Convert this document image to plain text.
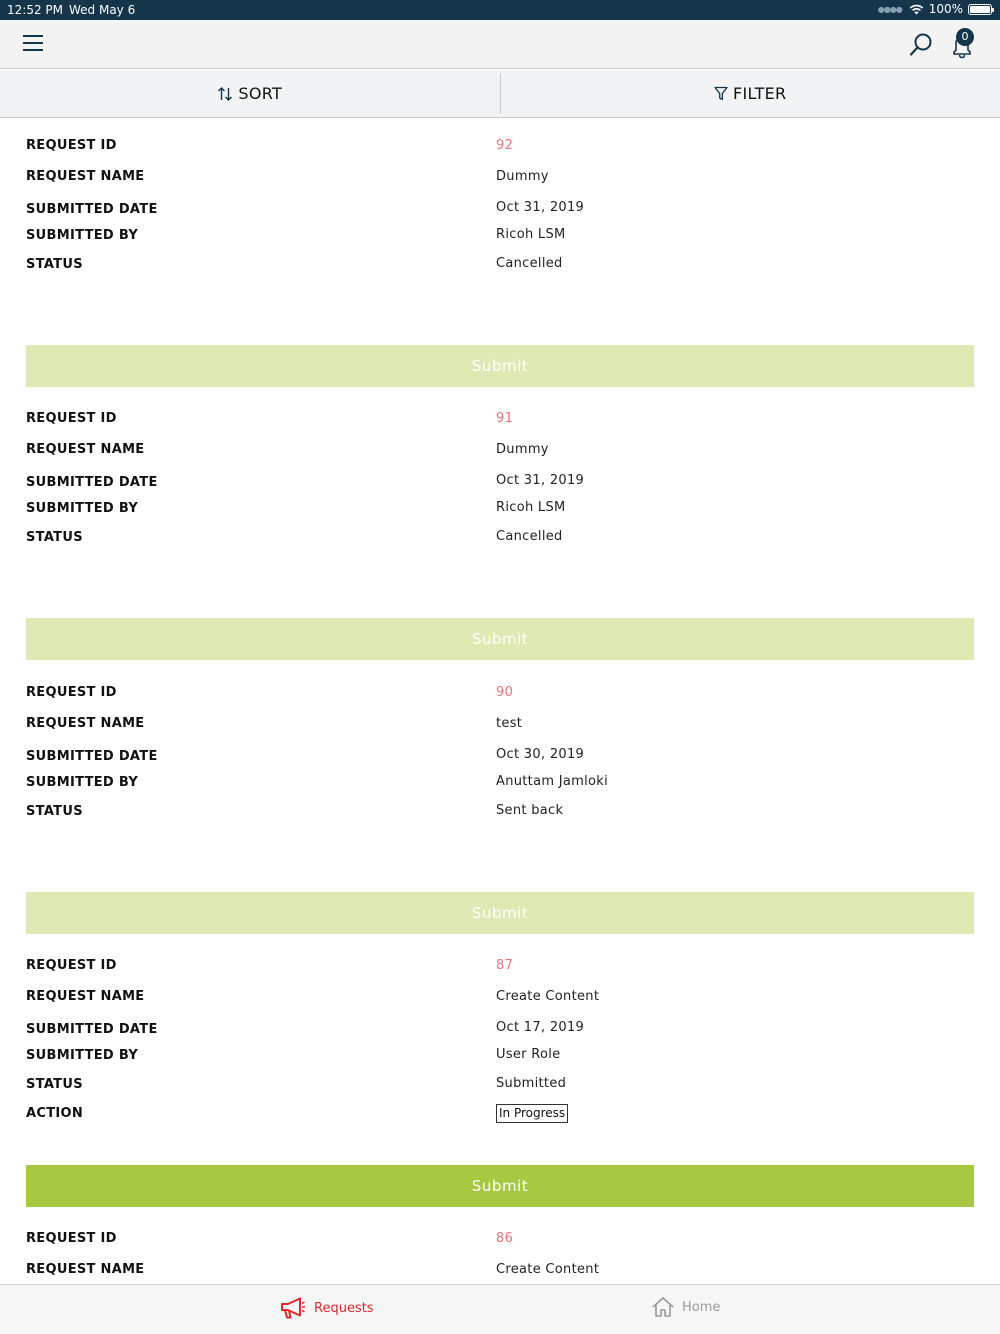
12:52 PM Wed May 6	●●●● 100%
0
SORT	FILTER
REQUEST ID	92
REQUEST NAME	Dummy
SUBMITTED DATE	Oct 31, 2019
SUBMITTED BY	Ricoh LSM
STATUS	Cancelled
Submit
REQUEST ID	91
REQUEST NAME	Dummy
SUBMITTED DATE	Oct 31, 2019
SUBMITTED BY	Ricoh LSM
STATUS	Cancelled
Submit
REQUEST ID	90
REQUEST NAME	test
SUBMITTED DATE	Oct 30, 2019
SUBMITTED BY	Anuttam Jamloki
STATUS	Sent back
Submit
REQUEST ID	87
REQUEST NAME	Create Content
SUBMITTED DATE	Oct 17, 2019
SUBMITTED BY	User Role
STATUS	Submitted
ACTION	In Progress
Submit
REQUEST ID	86
REQUEST NAME	Create Content
Requests	Home
